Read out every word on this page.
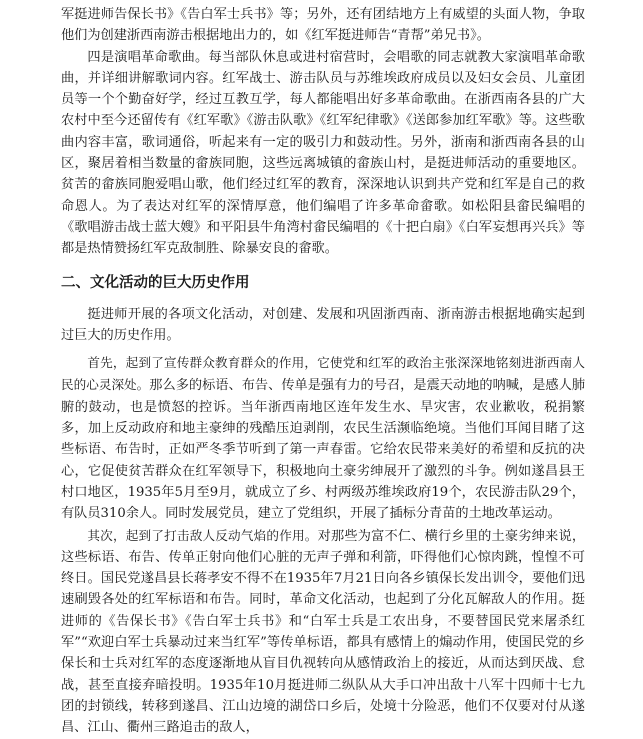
军挺进师告保长书》《告白军士兵书》等；另外，还有团结地方上有威望的头面人物，争取他们为创建浙西南游击根据地出力的，如《红军挺进师告“青帮”弟兄书》。

四是演唱革命歌曲。每当部队休息或进村宿营时，会唱歌的同志就教大家演唱革命歌曲，并详细讲解歌词内容。红军战士、游击队员与苏维埃政府成员以及妇女会员、儿童团员等一个个勤奋好学，经过互教互学，每人都能唱出好多革命歌曲。在浙西南各县的广大农村中至今还留传有《红军歌》《游击队歌》《红军纪律歌》《送郎参加红军歌》等。这些歌曲内容丰富，歌词通俗，听起来有一定的吸引力和鼓动性。另外，浙南和浙西南各县的山区，聚居着相当数量的畲族同胞，这些远离城镇的畲族山村，是挺进师活动的重要地区。贫苦的畲族同胞爱唱山歌，他们经过红军的教育，深深地认识到共产党和红军是自己的救命恩人。为了表达对红军的深情厚意，他们编唱了许多革命畲歌。如松阳县畲民编唱的《歌唱游击战士蓝大嫂》和平阳县牛角湾村畲民编唱的《十把白扇》《白军妄想再兴兵》等都是热情赞扬红军克敌制胜、除暴安良的畲歌。

二、文化活动的巨大历史作用

挺进师开展的各项文化活动，对创建、发展和巩固浙西南、浙南游击根据地确实起到过巨大的历史作用。

首先，起到了宣传群众教育群众的作用，它使党和红军的政治主张深深地铭刻进浙西南人民的心灵深处。那么多的标语、布告、传单是强有力的号召，是震天动地的呐喊，是感人肺腑的鼓动，也是愤怒的控诉。当年浙西南地区连年发生水、旱灾害，农业歉收，税捐繁多，加上反动政府和地主豪绅的残酷压迫剥削，农民生活濒临绝境。当他们耳闻目睹了这些标语、布告时，正如严冬季节听到了第一声春雷。它给农民带来美好的希望和反抗的决心，它促使贫苦群众在红军领导下，积极地向土豪劣绅展开了激烈的斗争。例如遂昌县王村口地区，1935年5月至9月，就成立了乡、村两级苏维埃政府19个，农民游击队29个，有队员310余人。同时发展党员，建立了党组织，开展了插标分青苗的土地改革运动。

其次，起到了打击敌人反动气焰的作用。对那些为富不仁、横行乡里的土豪劣绅来说，这些标语、布告、传单正射向他们心脏的无声子弹和利箭，吓得他们心惊肉跳，惶惶不可终日。国民党遂昌县长蒋孝安不得不在1935年7月21日向各乡镇保长发出训令，要他们迅速刷毁各处的红军标语和布告。同时，革命文化活动，也起到了分化瓦解敌人的作用。挺进师的《告保长书》《告白军士兵书》和“白军士兵是工农出身，不要替国民党来屠杀红军”“欢迎白军士兵暴动过来当红军”等传单标语，都具有感情上的煽动作用，使国民党的乡保长和士兵对红军的态度逐渐地从盲目仇视转向从感情政治上的接近，从而达到厌战、怠战，甚至直接弃暗投明。1935年10月挺进师二纵队从大手口冲出敌十八军十四师十七九团的封锁线，转移到遂昌、江山边境的湖岱口乡后，处境十分险恶，他们不仅要对付从遂昌、江山、衢州三路追击的敌人，
